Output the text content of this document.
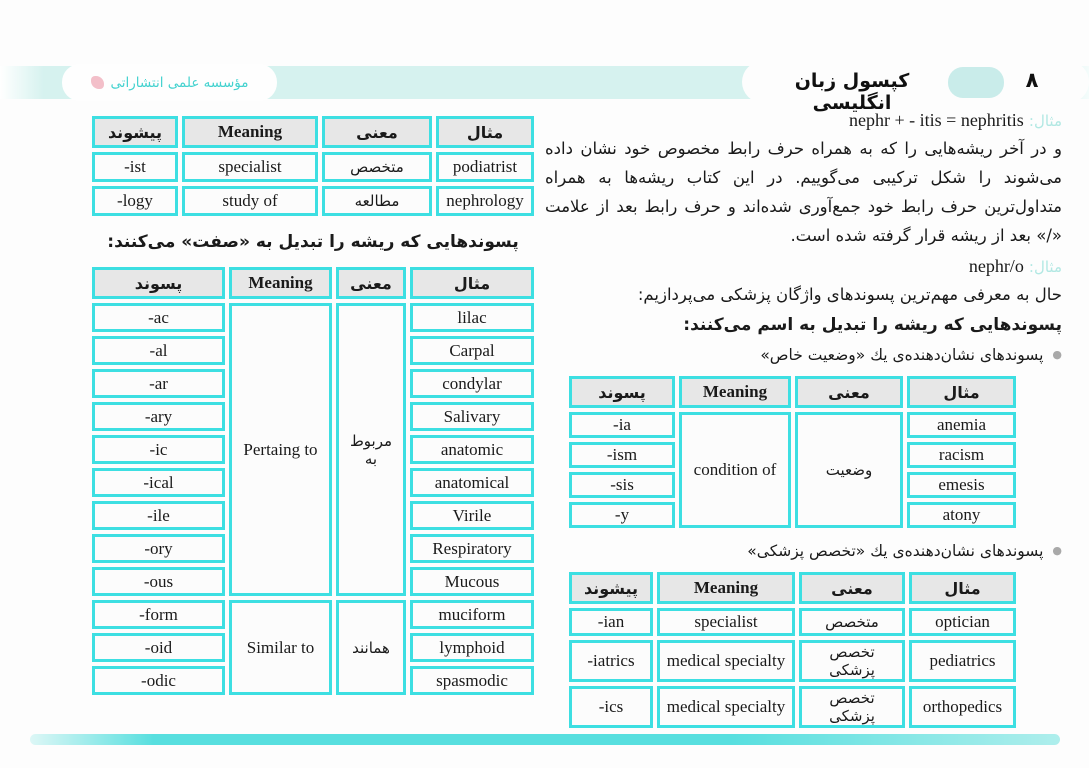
مؤسسه علمی انتشاراتی	کپسول زبان انگلیسی
۸
پیشوند	Meaning	معنی	مثال
-ist	specialist	متخصص	podiatrist
-logy	study of	مطالعه	nephrology
پسوندهایی که ریشه را تبدیل به «صفت» می‌کنند:
پسوند	Meaning	معنی	مثال
-ac	Pertaing to	مربوط به	lilac
-al			Carpal
-ar			condylar
-ary			Salivary
-ic			anatomic
-ical			anatomical
-ile			Virile
-ory			Respiratory
-ous			Mucous
-form	Similar to	همانند	muciform
-oid			lymphoid
-odic			spasmodic
مثال: nephr + - itis = nephritis

و در آخر ریشه‌هایی را که به همراه حرف رابط مخصوص خود نشان داده می‌شوند را شکل ترکیبی می‌گوییم. در این کتاب ریشه‌ها به همراه متداول‌ترین حرف رابط خود جمع‌آوری شده‌اند و حرف رابط بعد از علامت «/» بعد از ریشه قرار گرفته شده است.

مثال: nephr/o
حال به معرفی مهم‌ترین پسوندهای واژگان پزشکی می‌پردازیم:
پسوندهایی که ریشه را تبدیل به اسم می‌کنند:
● پسوندهای نشان‌دهنده‌ی یك «وضعیت خاص»
پسوند	Meaning	معنی	مثال
-ia	condition of	وضعیت	anemia
-ism			racism
-sis			emesis
-y			atony
● پسوندهای نشان‌دهنده‌ی یك «تخصص پزشکی»
پیشوند	Meaning	معنی	مثال
-ian	specialist	متخصص	optician
-iatrics	medical specialty	تخصص پزشکی	pediatrics
-ics	medical specialty	تخصص پزشکی	orthopedics
